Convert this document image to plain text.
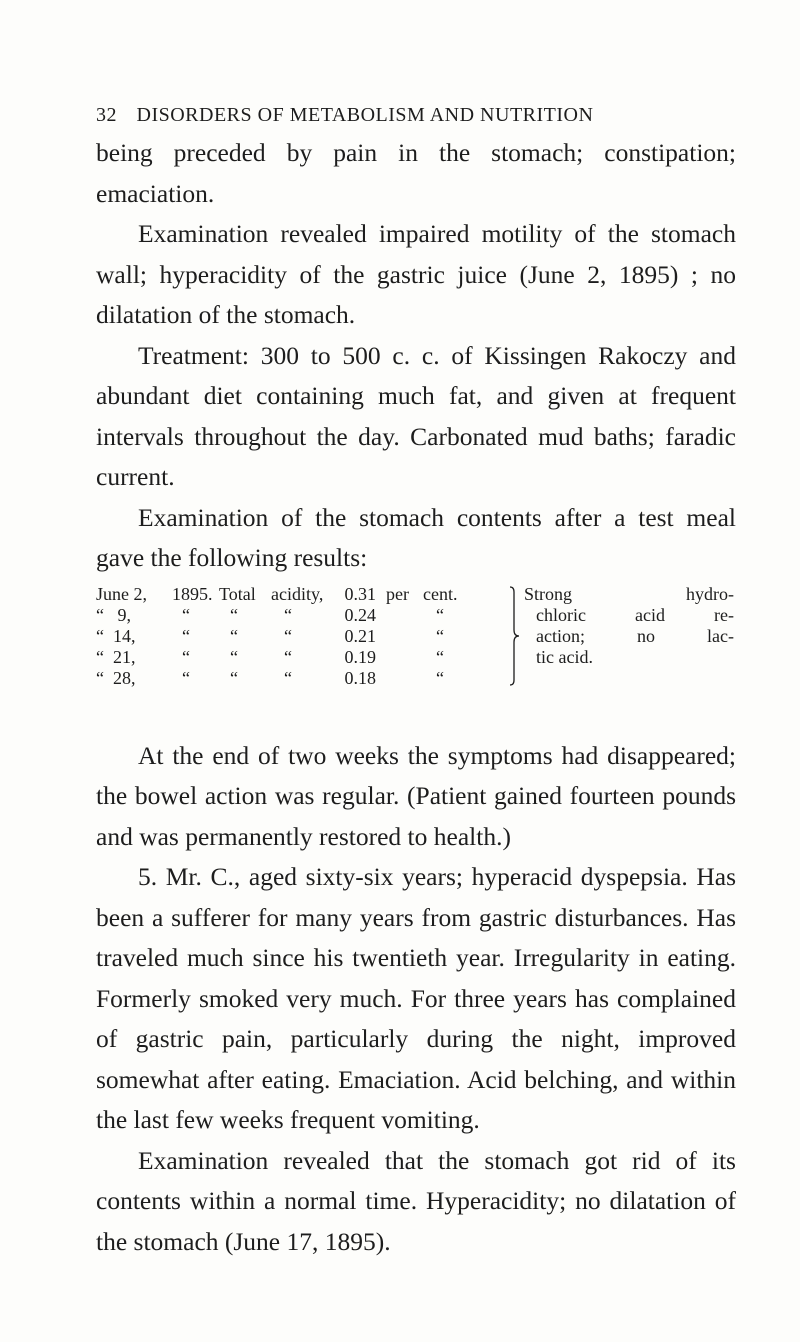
32 DISORDERS OF METABOLISM AND NUTRITION

being preceded by pain in the stomach; constipation; emaciation.

Examination revealed impaired motility of the stomach wall; hyperacidity of the gastric juice (June 2, 1895) ; no dilatation of the stomach.

Treatment: 300 to 500 c. c. of Kissingen Rakoczy and abundant diet containing much fat, and given at frequent intervals throughout the day. Carbonated mud baths; faradic current.

Examination of the stomach contents after a test meal gave the following results:

June 2, 1895. Total acidity,	0.31 per cent.
“   9,	“ “	“	0.24	“
“  14,	“ “	“	0.21	“
“  21,	“ “	“	0.19	“
“  28,	“ “	“	0.18	“
Strong hydro-
chloric acid re-
action; no lac-
tic acid.

At the end of two weeks the symptoms had disappeared; the bowel action was regular. (Patient gained fourteen pounds and was permanently restored to health.)

5. Mr. C., aged sixty-six years; hyperacid dyspepsia. Has been a sufferer for many years from gastric disturbances. Has traveled much since his twentieth year. Irregularity in eating. Formerly smoked very much. For three years has complained of gastric pain, particularly during the night, improved somewhat after eating. Emaciation. Acid belching, and within the last few weeks frequent vomiting.

Examination revealed that the stomach got rid of its contents within a normal time. Hyperacidity; no dilatation of the stomach (June 17, 1895).
